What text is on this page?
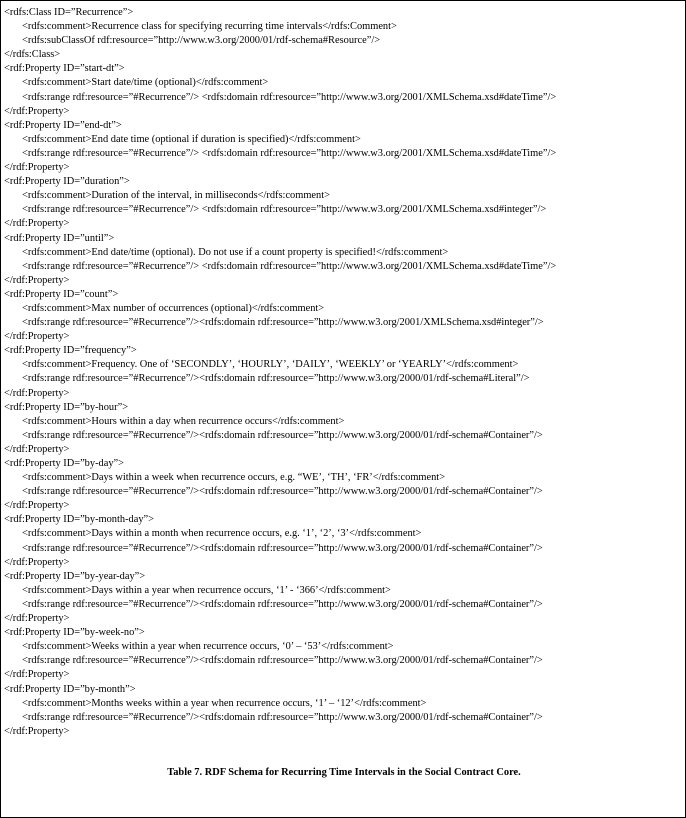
<rdfs:Class ID=”Recurrence”>
<rdfs:comment>Recurrence class for specifying recurring time intervals</rdfs:Comment>
<rdfs:subClassOf rdf:resource=”http://www.w3.org/2000/01/rdf-schema#Resource”/>
</rdfs:Class>
<rdf:Property ID=”start-dt”>
<rdfs:comment>Start date/time (optional)</rdfs:comment>
<rdfs:range rdf:resource=”#Recurrence”/> <rdfs:domain rdf:resource=”http://www.w3.org/2001/XMLSchema.xsd#dateTime”/>
</rdf:Property>
<rdf:Property ID=”end-dt”>
<rdfs:comment>End date time (optional if duration is specified)</rdfs:comment>
<rdfs:range rdf:resource=”#Recurrence”/> <rdfs:domain rdf:resource=”http://www.w3.org/2001/XMLSchema.xsd#dateTime”/>
</rdf:Property>
<rdf:Property ID=”duration”>
<rdfs:comment>Duration of the interval, in milliseconds</rdfs:comment>
<rdfs:range rdf:resource=”#Recurrence”/> <rdfs:domain rdf:resource=”http://www.w3.org/2001/XMLSchema.xsd#integer”/>
</rdf:Property>
<rdf:Property ID=”until”>
<rdfs:comment>End date/time (optional). Do not use if a count property is specified!</rdfs:comment>
<rdfs:range rdf:resource=”#Recurrence”/> <rdfs:domain rdf:resource=”http://www.w3.org/2001/XMLSchema.xsd#dateTime”/>
</rdf:Property>
<rdf:Property ID=”count”>
<rdfs:comment>Max number of occurrences (optional)</rdfs:comment>
<rdfs:range rdf:resource=”#Recurrence”/><rdfs:domain rdf:resource=”http://www.w3.org/2001/XMLSchema.xsd#integer”/>
</rdf:Property>
<rdf:Property ID=”frequency”>
<rdfs:comment>Frequency. One of ‘SECONDLY’, ‘HOURLY’, ‘DAILY’, ‘WEEKLY’ or ‘YEARLY’</rdfs:comment>
<rdfs:range rdf:resource=”#Recurrence”/><rdfs:domain rdf:resource=”http://www.w3.org/2000/01/rdf-schema#Literal”/>
</rdf:Property>
<rdf:Property ID=”by-hour”>
<rdfs:comment>Hours within a day when recurrence occurs</rdfs:comment>
<rdfs:range rdf:resource=”#Recurrence”/><rdfs:domain rdf:resource=”http://www.w3.org/2000/01/rdf-schema#Container”/>
</rdf:Property>
<rdf:Property ID=”by-day”>
<rdfs:comment>Days within a week when recurrence occurs, e.g. “WE’, ‘TH’, ‘FR’</rdfs:comment>
<rdfs:range rdf:resource=”#Recurrence”/><rdfs:domain rdf:resource=”http://www.w3.org/2000/01/rdf-schema#Container”/>
</rdf:Property>
<rdf:Property ID=”by-month-day”>
<rdfs:comment>Days within a month when recurrence occurs, e.g. ‘1’, ‘2’, ‘3’</rdfs:comment>
<rdfs:range rdf:resource=”#Recurrence”/><rdfs:domain rdf:resource=”http://www.w3.org/2000/01/rdf-schema#Container”/>
</rdf:Property>
<rdf:Property ID=”by-year-day”>
<rdfs:comment>Days within a year when recurrence occurs, ‘1’ - ‘366’</rdfs:comment>
<rdfs:range rdf:resource=”#Recurrence”/><rdfs:domain rdf:resource=”http://www.w3.org/2000/01/rdf-schema#Container”/>
</rdf:Property>
<rdf:Property ID=”by-week-no”>
<rdfs:comment>Weeks within a year when recurrence occurs, ‘0’ – ‘53’</rdfs:comment>
<rdfs:range rdf:resource=”#Recurrence”/><rdfs:domain rdf:resource=”http://www.w3.org/2000/01/rdf-schema#Container”/>
</rdf:Property>
<rdf:Property ID=”by-month”>
<rdfs:comment>Months weeks within a year when recurrence occurs, ‘1’ – ‘12’</rdfs:comment>
<rdfs:range rdf:resource=”#Recurrence”/><rdfs:domain rdf:resource=”http://www.w3.org/2000/01/rdf-schema#Container”/>
</rdf:Property>
Table 7. RDF Schema for Recurring Time Intervals in the Social Contract Core.
